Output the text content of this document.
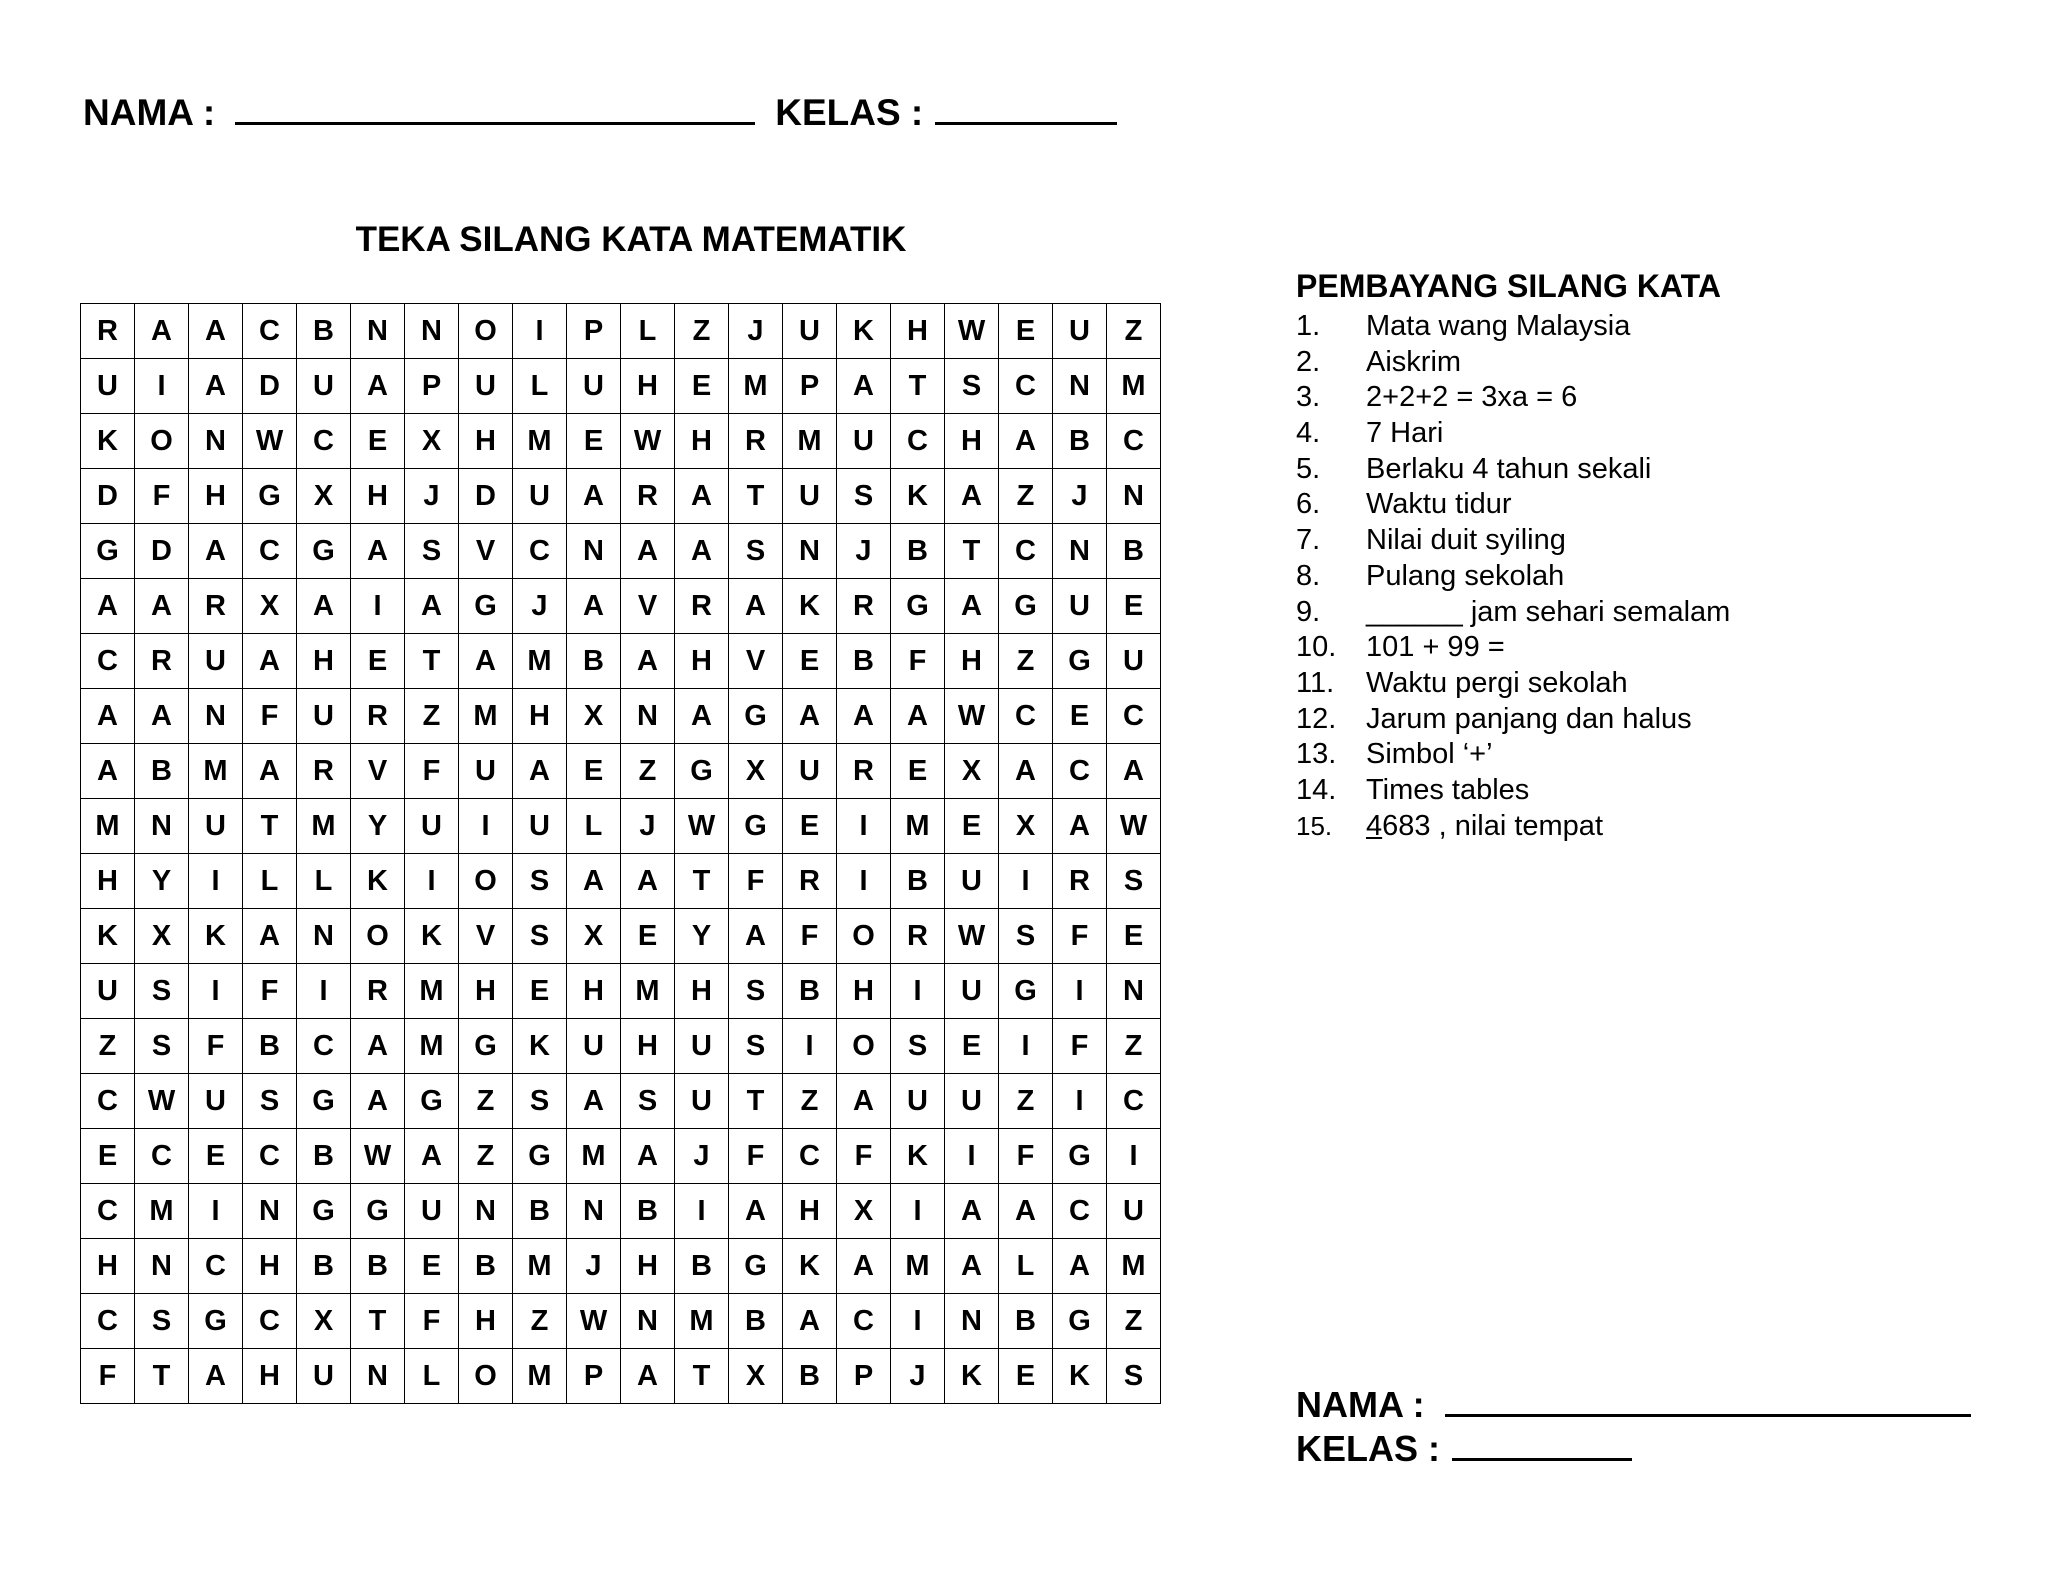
NAMA :	KELAS :
TEKA SILANG KATA MATEMATIK
R	A	A	C	B	N	N	O	I	P	L	Z	J	U	K	H	W	E	U	Z
U	I	A	D	U	A	P	U	L	U	H	E	M	P	A	T	S	C	N	M
K	O	N	W	C	E	X	H	M	E	W	H	R	M	U	C	H	A	B	C
D	F	H	G	X	H	J	D	U	A	R	A	T	U	S	K	A	Z	J	N
G	D	A	C	G	A	S	V	C	N	A	A	S	N	J	B	T	C	N	B
A	A	R	X	A	I	A	G	J	A	V	R	A	K	R	G	A	G	U	E
C	R	U	A	H	E	T	A	M	B	A	H	V	E	B	F	H	Z	G	U
A	A	N	F	U	R	Z	M	H	X	N	A	G	A	A	A	W	C	E	C
A	B	M	A	R	V	F	U	A	E	Z	G	X	U	R	E	X	A	C	A
M	N	U	T	M	Y	U	I	U	L	J	W	G	E	I	M	E	X	A	W
H	Y	I	L	L	K	I	O	S	A	A	T	F	R	I	B	U	I	R	S
K	X	K	A	N	O	K	V	S	X	E	Y	A	F	O	R	W	S	F	E
U	S	I	F	I	R	M	H	E	H	M	H	S	B	H	I	U	G	I	N
Z	S	F	B	C	A	M	G	K	U	H	U	S	I	O	S	E	I	F	Z
C	W	U	S	G	A	G	Z	S	A	S	U	T	Z	A	U	U	Z	I	C
E	C	E	C	B	W	A	Z	G	M	A	J	F	C	F	K	I	F	G	I
C	M	I	N	G	G	U	N	B	N	B	I	A	H	X	I	A	A	C	U
H	N	C	H	B	B	E	B	M	J	H	B	G	K	A	M	A	L	A	M
C	S	G	C	X	T	F	H	Z	W	N	M	B	A	C	I	N	B	G	Z
F	T	A	H	U	N	L	O	M	P	A	T	X	B	P	J	K	E	K	S
PEMBAYANG SILANG KATA
1.	Mata wang Malaysia
2.	Aiskrim
3.	2+2+2 = 3xa = 6
4.	7 Hari
5.	Berlaku 4 tahun sekali
6.	Waktu tidur
7.	Nilai duit syiling
8.	Pulang sekolah
9.	______ jam sehari semalam
10.	101 + 99 =
11.	Waktu pergi sekolah
12.	Jarum panjang dan halus
13.	Simbol ‘+’
14.	Times tables
15.	4683 , nilai tempat
NAMA :
KELAS :
